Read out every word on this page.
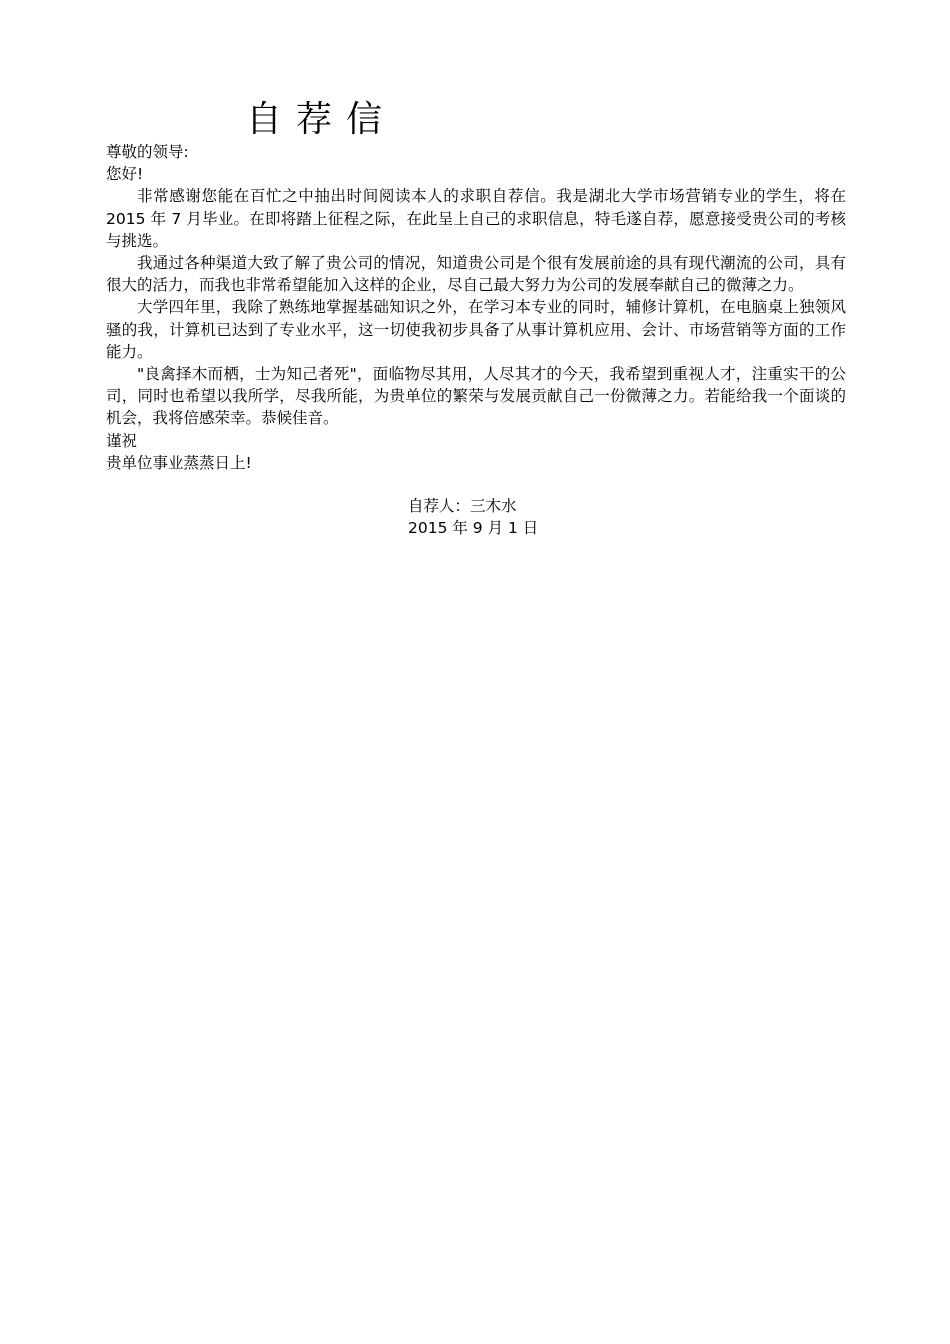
自荐信

尊敬的领导:

您好!

非常感谢您能在百忙之中抽出时间阅读本人的求职自荐信。我是湖北大学市场营销专业的学生，将在 2015 年 7 月毕业。在即将踏上征程之际，在此呈上自己的求职信息，特毛遂自荐，愿意接受贵公司的考核与挑选。

我通过各种渠道大致了解了贵公司的情况，知道贵公司是个很有发展前途的具有现代潮流的公司，具有很大的活力，而我也非常希望能加入这样的企业，尽自己最大努力为公司的发展奉献自己的微薄之力。

大学四年里，我除了熟练地掌握基础知识之外，在学习本专业的同时，辅修计算机，在电脑桌上独领风骚的我，计算机已达到了专业水平，这一切使我初步具备了从事计算机应用、会计、市场营销等方面的工作能力。

"良禽择木而栖，士为知己者死"，面临物尽其用，人尽其才的今天，我希望到重视人才，注重实干的公司，同时也希望以我所学，尽我所能，为贵单位的繁荣与发展贡献自己一份微薄之力。若能给我一个面谈的机会，我将倍感荣幸。恭候佳音。

谨祝

贵单位事业蒸蒸日上!

自荐人：三木水
2015 年 9 月 1 日
